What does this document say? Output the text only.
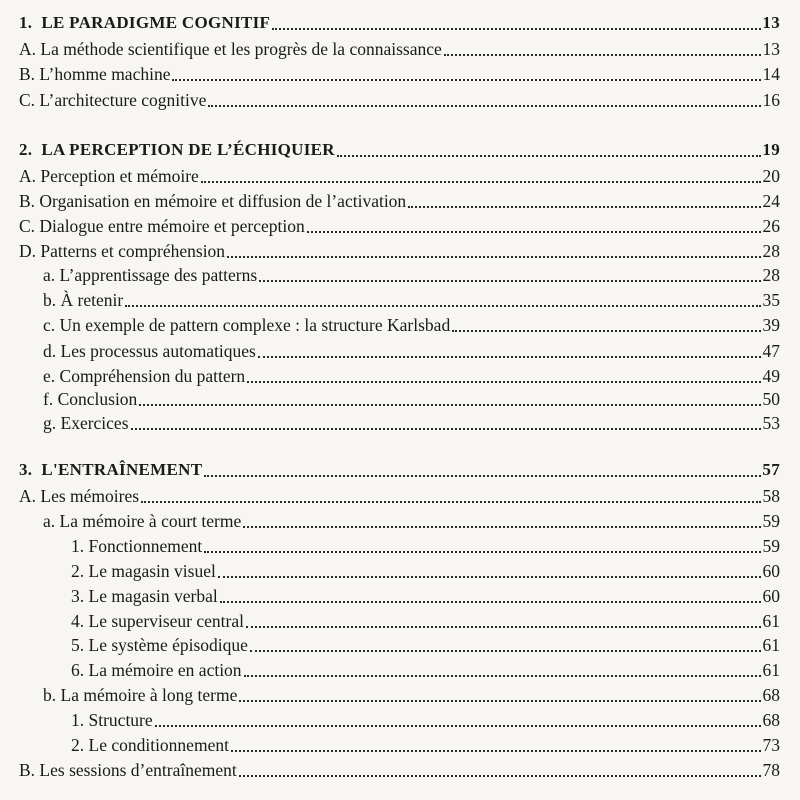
1. LE PARADIGME COGNITIF	13
A. La méthode scientifique et les progrès de la connaissance	13
B. L’homme machine	14
C. L’architecture cognitive	16
2. LA PERCEPTION DE L’ÉCHIQUIER	19
A. Perception et mémoire	20
B. Organisation en mémoire et diffusion de l’activation	24
C. Dialogue entre mémoire et perception	26
D. Patterns et compréhension	28
a. L’apprentissage des patterns	28
b. À retenir	35
c. Un exemple de pattern complexe : la structure Karlsbad	39
d. Les processus automatiques	47
e. Compréhension du pattern	49
f. Conclusion	50
g. Exercices	53
3. L'ENTRAÎNEMENT	57
A. Les mémoires	58
a. La mémoire à court terme	59
1. Fonctionnement	59
2. Le magasin visuel	60
3. Le magasin verbal	60
4. Le superviseur central	61
5. Le système épisodique	61
6. La mémoire en action	61
b. La mémoire à long terme	68
1. Structure	68
2. Le conditionnement	73
B. Les sessions d’entraînement	78
